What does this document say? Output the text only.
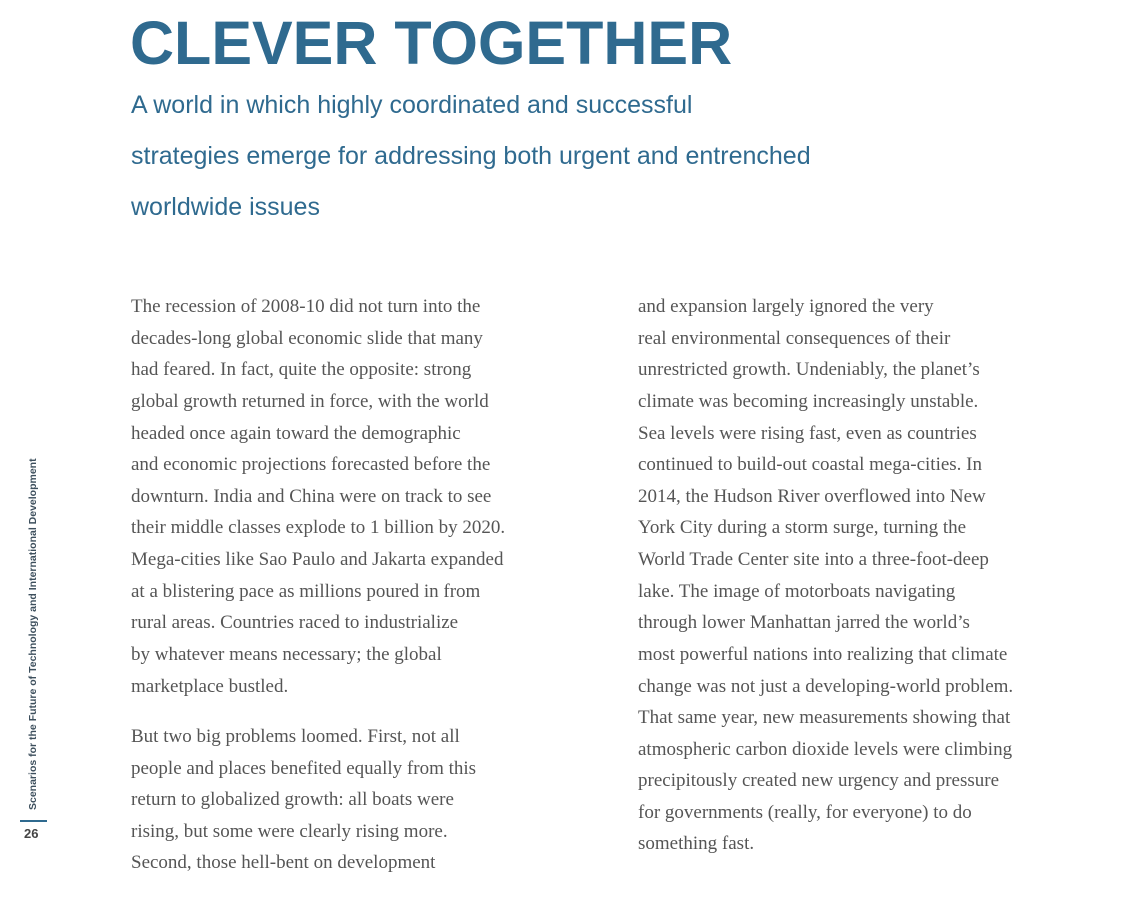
CLEVER TOGETHER

A world in which highly coordinated and successful

strategies emerge for addressing both urgent and entrenched

worldwide issues

The recession of 2008-10 did not turn into the

decades-long global economic slide that many

had feared. In fact, quite the opposite: strong

global growth returned in force, with the world

headed once again toward the demographic

and economic projections forecasted before the

downturn. India and China were on track to see

their middle classes explode to 1 billion by 2020.

Mega-cities like Sao Paulo and Jakarta expanded

at a blistering pace as millions poured in from

rural areas. Countries raced to industrialize

by whatever means necessary; the global

marketplace bustled.

But two big problems loomed. First, not all

people and places benefited equally from this

return to globalized growth: all boats were

rising, but some were clearly rising more.

Second, those hell-bent on development

and expansion largely ignored the very

real environmental consequences of their

unrestricted growth. Undeniably, the planet’s

climate was becoming increasingly unstable.

Sea levels were rising fast, even as countries

continued to build-out coastal mega-cities. In

2014, the Hudson River overflowed into New

York City during a storm surge, turning the

World Trade Center site into a three-foot-deep

lake. The image of motorboats navigating

through lower Manhattan jarred the world’s

most powerful nations into realizing that climate

change was not just a developing-world problem.

That same year, new measurements showing that

atmospheric carbon dioxide levels were climbing

precipitously created new urgency and pressure

for governments (really, for everyone) to do

something fast.

Scenarios for the Future of Technology and International Development

26
